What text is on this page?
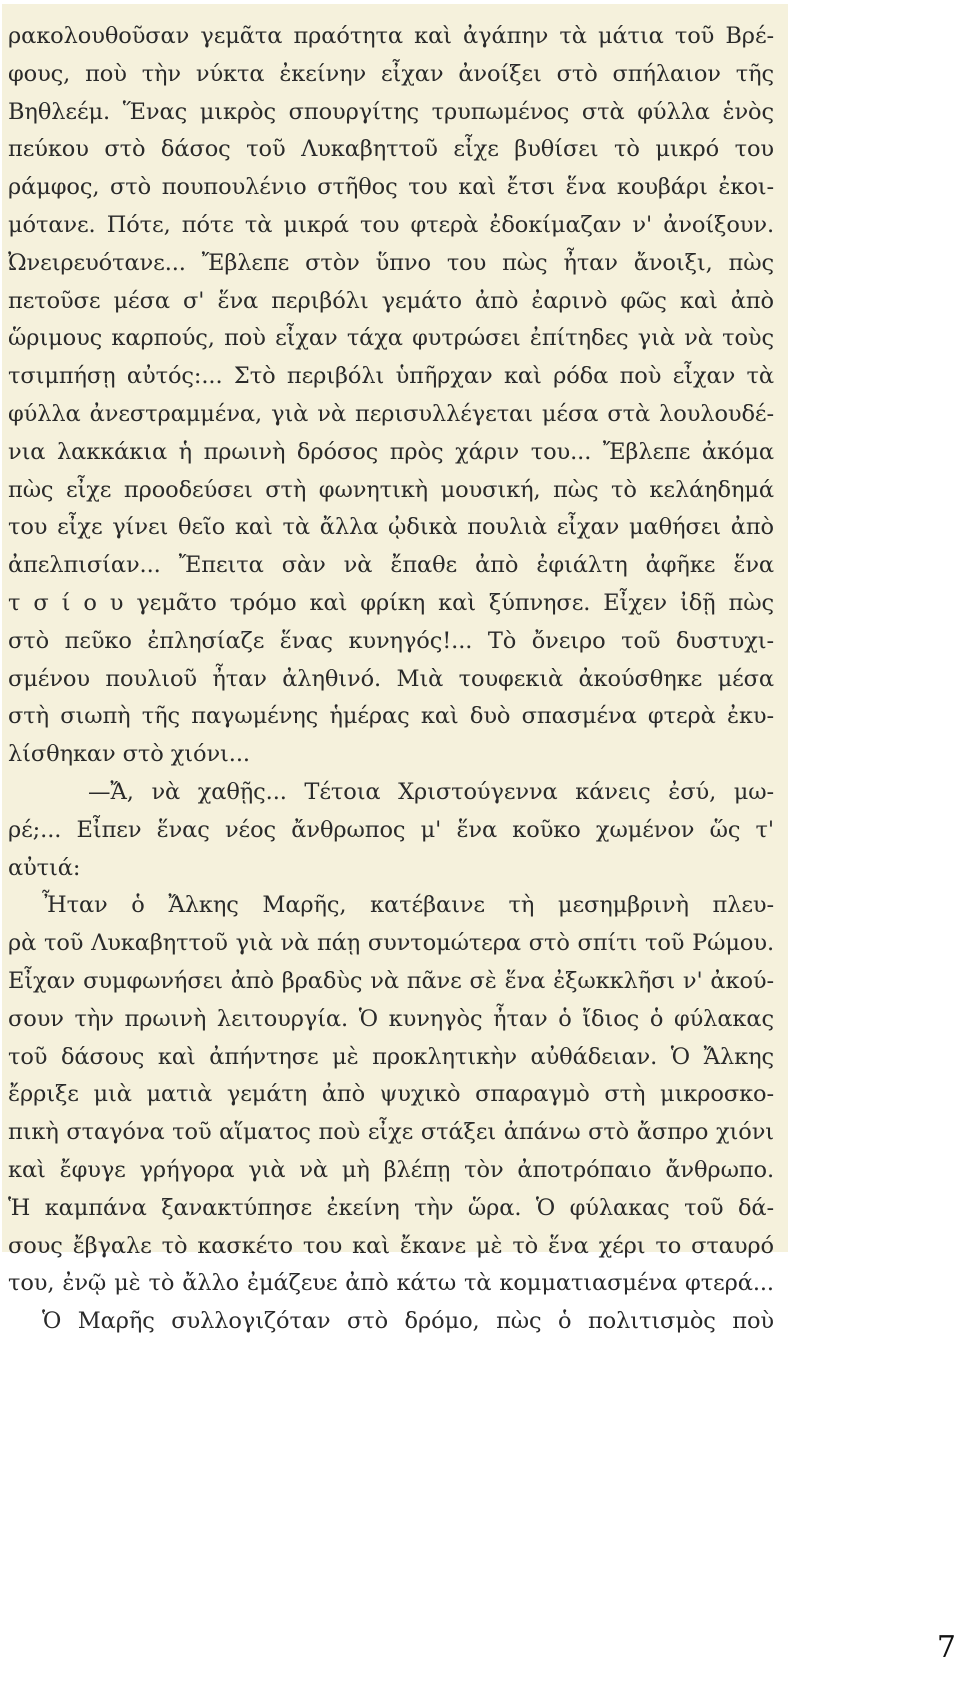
ρακολουθοῦσαν γεμᾶτα πραότητα καὶ ἀγάπην τὰ μάτια τοῦ Βρέ-
φους, ποὺ τὴν νύκτα ἐκείνην εἶχαν ἀνοίξει στὸ σπήλαιον τῆς
Βηθλεέμ. Ἕνας μικρὸς σπουργίτης τρυπωμένος στὰ φύλλα ἑνὸς
πεύκου στὸ δάσος τοῦ Λυκαβηττοῦ εἶχε βυθίσει τὸ μικρό του
ράμφος, στὸ πουπουλένιο στῆθος του καὶ ἔτσι ἕνα κουβάρι ἐκοι-
μότανε. Πότε, πότε τὰ μικρά του φτερὰ ἐδοκίμαζαν ν' ἀνοίξουν.
Ὠνειρευότανε... Ἔβλεπε στὸν ὕπνο του πὼς ἦταν ἄνοιξι, πὼς
πετοῦσε μέσα σ' ἕνα περιβόλι γεμάτο ἀπὸ ἐαρινὸ φῶς καὶ ἀπὸ
ὥριμους καρπούς, ποὺ εἶχαν τάχα φυτρώσει ἐπίτηδες γιὰ νὰ τοὺς
τσιμπήσῃ αὐτός:... Στὸ περιβόλι ὑπῆρχαν καὶ ρόδα ποὺ εἶχαν τὰ
φύλλα ἀνεστραμμένα, γιὰ νὰ περισυλλέγεται μέσα στὰ λουλουδέ-
νια λακκάκια ἡ πρωινὴ δρόσος πρὸς χάριν του... Ἔβλεπε ἀκόμα
πὼς εἶχε προοδεύσει στὴ φωνητικὴ μουσική, πὼς τὸ κελάηδημά
του εἶχε γίνει θεῖο καὶ τὰ ἄλλα ᾠδικὰ πουλιὰ εἶχαν μαθήσει ἀπὸ
ἀπελπισίαν... Ἔπειτα σὰν νὰ ἔπαθε ἀπὸ ἐφιάλτη ἀφῆκε ἕνα
τ σ ί ο υ γεμᾶτο τρόμο καὶ φρίκη καὶ ξύπνησε. Εἶχεν ἰδῇ πὼς
στὸ πεῦκο ἐπλησίαζε ἕνας κυνηγός!... Τὸ ὄνειρο τοῦ δυστυχι-
σμένου πουλιοῦ ἦταν ἀληθινό. Μιὰ τουφεκιὰ ἀκούσθηκε μέσα
στὴ σιωπὴ τῆς παγωμένης ἡμέρας καὶ δυὸ σπασμένα φτερὰ ἐκυ-
λίσθηκαν στὸ χιόνι...
—Ἄ, νὰ χαθῇς... Τέτοια Χριστούγεννα κάνεις ἐσύ, μω-
ρέ;... Εἶπεν ἕνας νέος ἄνθρωπος μ' ἕνα κοῦκο χωμένον ὥς τ'
αὐτιά:
Ἦταν ὁ Ἄλκης Μαρῆς, κατέβαινε τὴ μεσημβρινὴ πλευ-
ρὰ τοῦ Λυκαβηττοῦ γιὰ νὰ πάῃ συντομώτερα στὸ σπίτι τοῦ Ρώμου.
Εἶχαν συμφωνήσει ἀπὸ βραδὺς νὰ πᾶνε σὲ ἕνα ἐξωκκλῆσι ν' ἀκού-
σουν τὴν πρωινὴ λειτουργία. Ὁ κυνηγὸς ἦταν ὁ ἴδιος ὁ φύλακας
τοῦ δάσους καὶ ἀπήντησε μὲ προκλητικὴν αὐθάδειαν. Ὁ Ἄλκης
ἔρριξε μιὰ ματιὰ γεμάτη ἀπὸ ψυχικὸ σπαραγμὸ στὴ μικροσκο-
πικὴ σταγόνα τοῦ αἵματος ποὺ εἶχε στάξει ἀπάνω στὸ ἄσπρο χιόνι
καὶ ἔφυγε γρήγορα γιὰ νὰ μὴ βλέπῃ τὸν ἀποτρόπαιο ἄνθρωπο.
Ἡ καμπάνα ξανακτύπησε ἐκείνη τὴν ὥρα. Ὁ φύλακας τοῦ δά-
σους ἔβγαλε τὸ κασκέτο του καὶ ἔκανε μὲ τὸ ἕνα χέρι το σταυρό
του, ἐνῷ μὲ τὸ ἄλλο ἐμάζευε ἀπὸ κάτω τὰ κομματιασμένα φτερά...
Ὁ Μαρῆς συλλογιζόταν στὸ δρόμο, πὼς ὁ πολιτισμὸς ποὺ
7
